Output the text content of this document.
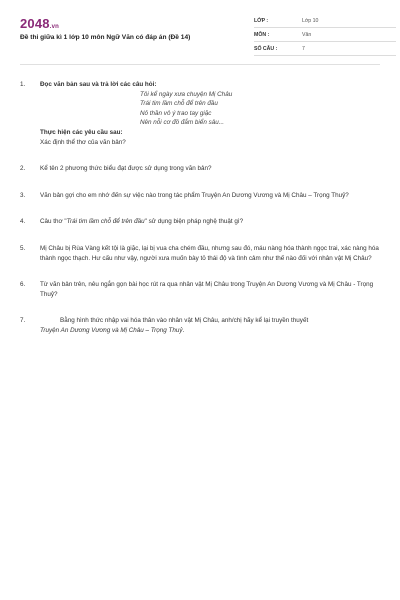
2048.vn
Đề thi giữa kì 1 lớp 10 môn Ngữ Văn có đáp án (Đề 14)
LỚP :	Lớp 10
MÔN :	Văn
SỐ CÂU :	7
1. Đọc văn bản sau và trả lời các câu hỏi:
Tôi kể ngày xưa chuyện Mị Châu
Trái tim lầm chỗ để trên đầu
Nỏ thần vô ý trao tay giặc
Nên nỗi cơ đồ đắm biển sâu...
Thực hiện các yêu cầu sau:
Xác định thể thơ của văn bản?
2. Kể tên 2 phương thức biểu đạt được sử dụng trong văn bản?
3. Văn bản gợi cho em nhớ đến sự việc nào trong tác phẩm Truyện An Dương Vương và Mị Châu – Trọng Thuỷ?
4. Câu thơ "Trái tim lầm chỗ để trên đầu" sử dụng biện pháp nghệ thuật gì?
5. Mị Châu bị Rùa Vàng kết tội là giặc, lại bị vua cha chém đầu, nhưng sau đó, máu nàng hóa thành ngọc trai, xác nàng hóa thành ngọc thạch. Hư cấu như vậy, người xưa muốn bày tỏ thái độ và tình cảm như thế nào đối với nhân vật Mị Châu?
6. Từ văn bản trên, nêu ngắn gọn bài học rút ra qua nhân vật Mị Châu trong Truyện An Dương Vương và Mị Châu - Trọng Thuỷ?
7.	Bằng hình thức nhập vai hóa thân vào nhân vật Mị Châu, anh/chị hãy kể lại truyền thuyết
Truyện An Dương Vương và Mị Châu – Trọng Thuỷ.
